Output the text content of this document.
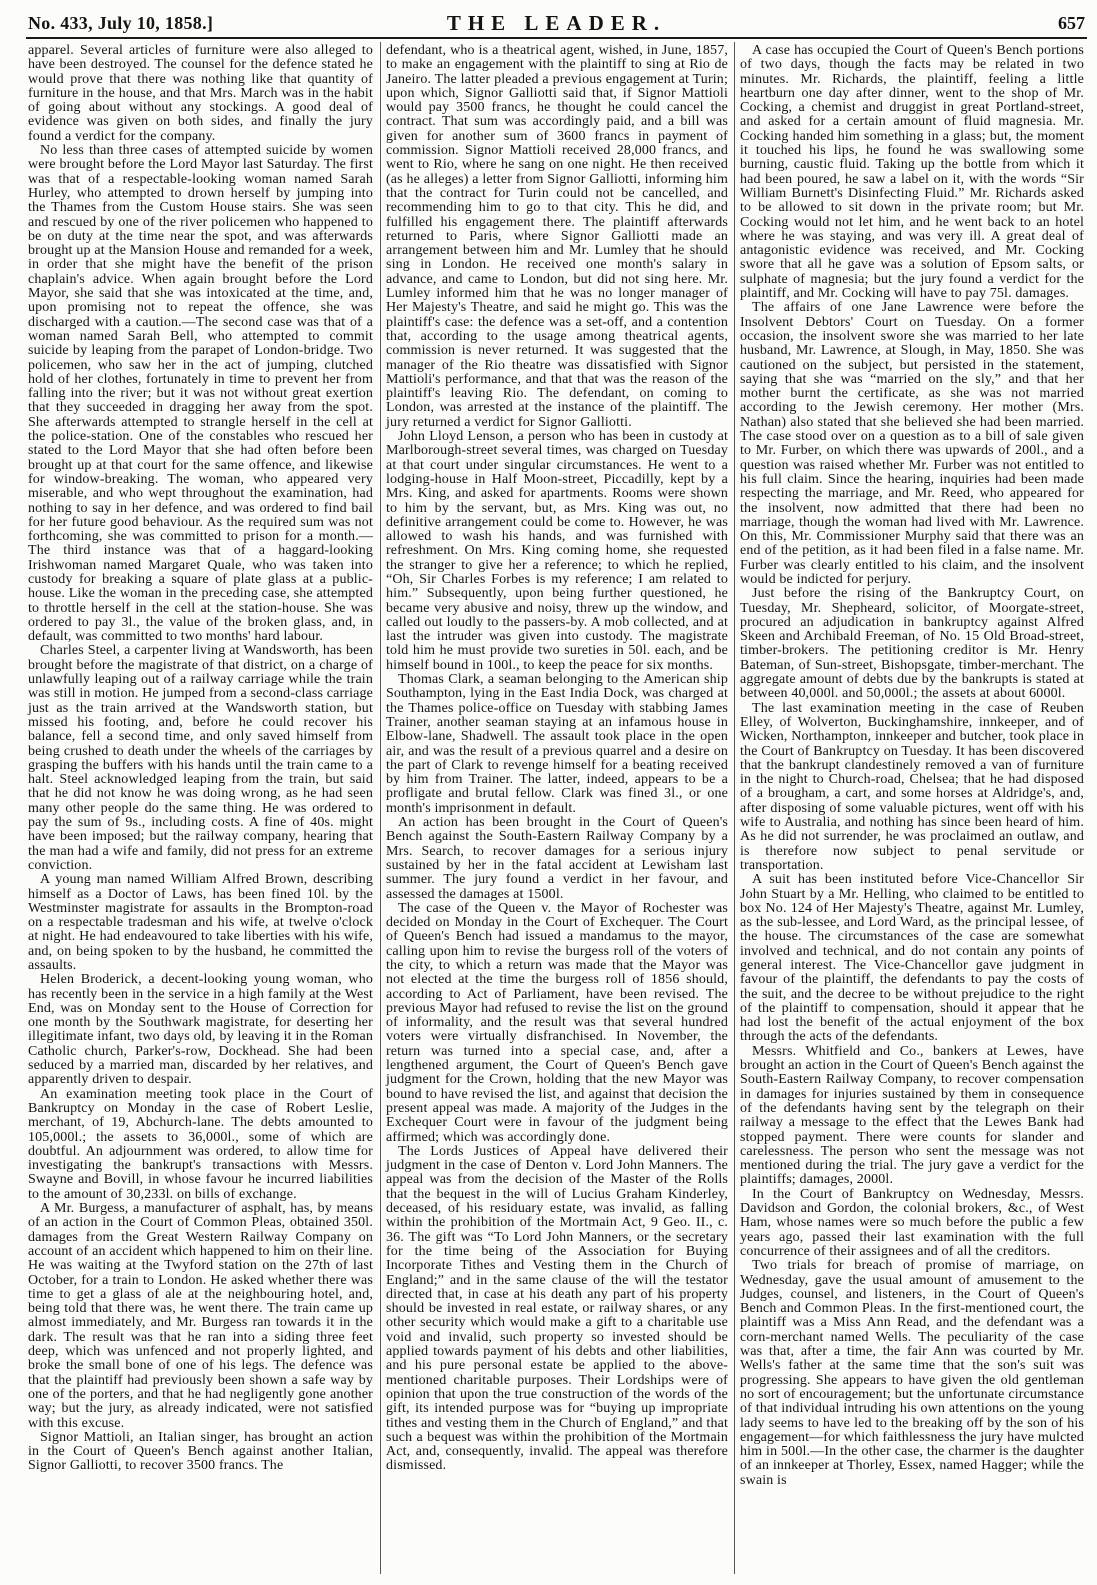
No. 433, July 10, 1858.]	THE LEADER.	657

apparel. Several articles of furniture were also alleged to have been destroyed. The counsel for the defence stated he would prove that there was nothing like that quantity of furniture in the house, and that Mrs. March was in the habit of going about without any stockings. A good deal of evidence was given on both sides, and finally the jury found a verdict for the company.

No less than three cases of attempted suicide by women were brought before the Lord Mayor last Saturday. The first was that of a respectable-looking woman named Sarah Hurley, who attempted to drown herself by jumping into the Thames from the Custom House stairs. She was seen and rescued by one of the river policemen who happened to be on duty at the time near the spot, and was afterwards brought up at the Mansion House and remanded for a week, in order that she might have the benefit of the prison chaplain's advice. When again brought before the Lord Mayor, she said that she was intoxicated at the time, and, upon promising not to repeat the offence, she was discharged with a caution.—The second case was that of a woman named Sarah Bell, who attempted to commit suicide by leaping from the parapet of London-bridge. Two policemen, who saw her in the act of jumping, clutched hold of her clothes, fortunately in time to prevent her from falling into the river; but it was not without great exertion that they succeeded in dragging her away from the spot. She afterwards attempted to strangle herself in the cell at the police-station. One of the constables who rescued her stated to the Lord Mayor that she had often before been brought up at that court for the same offence, and likewise for window-breaking. The woman, who appeared very miserable, and who wept throughout the examination, had nothing to say in her defence, and was ordered to find bail for her future good behaviour. As the required sum was not forthcoming, she was committed to prison for a month.—The third instance was that of a haggard-looking Irishwoman named Margaret Quale, who was taken into custody for breaking a square of plate glass at a public-house. Like the woman in the preceding case, she attempted to throttle herself in the cell at the station-house. She was ordered to pay 3l., the value of the broken glass, and, in default, was committed to two months' hard labour.

Charles Steel, a carpenter living at Wandsworth, has been brought before the magistrate of that district, on a charge of unlawfully leaping out of a railway carriage while the train was still in motion. He jumped from a second-class carriage just as the train arrived at the Wandsworth station, but missed his footing, and, before he could recover his balance, fell a second time, and only saved himself from being crushed to death under the wheels of the carriages by grasping the buffers with his hands until the train came to a halt. Steel acknowledged leaping from the train, but said that he did not know he was doing wrong, as he had seen many other people do the same thing. He was ordered to pay the sum of 9s., including costs. A fine of 40s. might have been imposed; but the railway company, hearing that the man had a wife and family, did not press for an extreme conviction.

A young man named William Alfred Brown, describing himself as a Doctor of Laws, has been fined 10l. by the Westminster magistrate for assaults in the Brompton-road on a respectable tradesman and his wife, at twelve o'clock at night. He had endeavoured to take liberties with his wife, and, on being spoken to by the husband, he committed the assaults.

Helen Broderick, a decent-looking young woman, who has recently been in the service in a high family at the West End, was on Monday sent to the House of Correction for one month by the Southwark magistrate, for deserting her illegitimate infant, two days old, by leaving it in the Roman Catholic church, Parker's-row, Dockhead. She had been seduced by a married man, discarded by her relatives, and apparently driven to despair.

An examination meeting took place in the Court of Bankruptcy on Monday in the case of Robert Leslie, merchant, of 19, Abchurch-lane. The debts amounted to 105,000l.; the assets to 36,000l., some of which are doubtful. An adjournment was ordered, to allow time for investigating the bankrupt's transactions with Messrs. Swayne and Bovill, in whose favour he incurred liabilities to the amount of 30,233l. on bills of exchange.

A Mr. Burgess, a manufacturer of asphalt, has, by means of an action in the Court of Common Pleas, obtained 350l. damages from the Great Western Railway Company on account of an accident which happened to him on their line. He was waiting at the Twyford station on the 27th of last October, for a train to London. He asked whether there was time to get a glass of ale at the neighbouring hotel, and, being told that there was, he went there. The train came up almost immediately, and Mr. Burgess ran towards it in the dark. The result was that he ran into a siding three feet deep, which was unfenced and not properly lighted, and broke the small bone of one of his legs. The defence was that the plaintiff had previously been shown a safe way by one of the porters, and that he had negligently gone another way; but the jury, as already indicated, were not satisfied with this excuse.

Signor Mattioli, an Italian singer, has brought an action in the Court of Queen's Bench against another Italian, Signor Galliotti, to recover 3500 francs. The

defendant, who is a theatrical agent, wished, in June, 1857, to make an engagement with the plaintiff to sing at Rio de Janeiro. The latter pleaded a previous engagement at Turin; upon which, Signor Galliotti said that, if Signor Mattioli would pay 3500 francs, he thought he could cancel the contract. That sum was accordingly paid, and a bill was given for another sum of 3600 francs in payment of commission. Signor Mattioli received 28,000 francs, and went to Rio, where he sang on one night. He then received (as he alleges) a letter from Signor Galliotti, informing him that the contract for Turin could not be cancelled, and recommending him to go to that city. This he did, and fulfilled his engagement there. The plaintiff afterwards returned to Paris, where Signor Galliotti made an arrangement between him and Mr. Lumley that he should sing in London. He received one month's salary in advance, and came to London, but did not sing here. Mr. Lumley informed him that he was no longer manager of Her Majesty's Theatre, and said he might go. This was the plaintiff's case: the defence was a set-off, and a contention that, according to the usage among theatrical agents, commission is never returned. It was suggested that the manager of the Rio theatre was dissatisfied with Signor Mattioli's performance, and that that was the reason of the plaintiff's leaving Rio. The defendant, on coming to London, was arrested at the instance of the plaintiff. The jury returned a verdict for Signor Galliotti.

John Lloyd Lenson, a person who has been in custody at Marlborough-street several times, was charged on Tuesday at that court under singular circumstances. He went to a lodging-house in Half Moon-street, Piccadilly, kept by a Mrs. King, and asked for apartments. Rooms were shown to him by the servant, but, as Mrs. King was out, no definitive arrangement could be come to. However, he was allowed to wash his hands, and was furnished with refreshment. On Mrs. King coming home, she requested the stranger to give her a reference; to which he replied, “Oh, Sir Charles Forbes is my reference; I am related to him.” Subsequently, upon being further questioned, he became very abusive and noisy, threw up the window, and called out loudly to the passers-by. A mob collected, and at last the intruder was given into custody. The magistrate told him he must provide two sureties in 50l. each, and be himself bound in 100l., to keep the peace for six months.

Thomas Clark, a seaman belonging to the American ship Southampton, lying in the East India Dock, was charged at the Thames police-office on Tuesday with stabbing James Trainer, another seaman staying at an infamous house in Elbow-lane, Shadwell. The assault took place in the open air, and was the result of a previous quarrel and a desire on the part of Clark to revenge himself for a beating received by him from Trainer. The latter, indeed, appears to be a profligate and brutal fellow. Clark was fined 3l., or one month's imprisonment in default.

An action has been brought in the Court of Queen's Bench against the South-Eastern Railway Company by a Mrs. Search, to recover damages for a serious injury sustained by her in the fatal accident at Lewisham last summer. The jury found a verdict in her favour, and assessed the damages at 1500l.

The case of the Queen v. the Mayor of Rochester was decided on Monday in the Court of Exchequer. The Court of Queen's Bench had issued a mandamus to the mayor, calling upon him to revise the burgess roll of the voters of the city, to which a return was made that the Mayor was not elected at the time the burgess roll of 1856 should, according to Act of Parliament, have been revised. The previous Mayor had refused to revise the list on the ground of informality, and the result was that several hundred voters were virtually disfranchised. In November, the return was turned into a special case, and, after a lengthened argument, the Court of Queen's Bench gave judgment for the Crown, holding that the new Mayor was bound to have revised the list, and against that decision the present appeal was made. A majority of the Judges in the Exchequer Court were in favour of the judgment being affirmed; which was accordingly done.

The Lords Justices of Appeal have delivered their judgment in the case of Denton v. Lord John Manners. The appeal was from the decision of the Master of the Rolls that the bequest in the will of Lucius Graham Kinderley, deceased, of his residuary estate, was invalid, as falling within the prohibition of the Mortmain Act, 9 Geo. II., c. 36. The gift was “To Lord John Manners, or the secretary for the time being of the Association for Buying Incorporate Tithes and Vesting them in the Church of England;” and in the same clause of the will the testator directed that, in case at his death any part of his property should be invested in real estate, or railway shares, or any other security which would make a gift to a charitable use void and invalid, such property so invested should be applied towards payment of his debts and other liabilities, and his pure personal estate be applied to the above-mentioned charitable purposes. Their Lordships were of opinion that upon the true construction of the words of the gift, its intended purpose was for “buying up impropriate tithes and vesting them in the Church of England,” and that such a bequest was within the prohibition of the Mortmain Act, and, consequently, invalid. The appeal was therefore dismissed.

A case has occupied the Court of Queen's Bench portions of two days, though the facts may be related in two minutes. Mr. Richards, the plaintiff, feeling a little heartburn one day after dinner, went to the shop of Mr. Cocking, a chemist and druggist in great Portland-street, and asked for a certain amount of fluid magnesia. Mr. Cocking handed him something in a glass; but, the moment it touched his lips, he found he was swallowing some burning, caustic fluid. Taking up the bottle from which it had been poured, he saw a label on it, with the words “Sir William Burnett's Disinfecting Fluid.” Mr. Richards asked to be allowed to sit down in the private room; but Mr. Cocking would not let him, and he went back to an hotel where he was staying, and was very ill. A great deal of antagonistic evidence was received, and Mr. Cocking swore that all he gave was a solution of Epsom salts, or sulphate of magnesia; but the jury found a verdict for the plaintiff, and Mr. Cocking will have to pay 75l. damages.

The affairs of one Jane Lawrence were before the Insolvent Debtors' Court on Tuesday. On a former occasion, the insolvent swore she was married to her late husband, Mr. Lawrence, at Slough, in May, 1850. She was cautioned on the subject, but persisted in the statement, saying that she was “married on the sly,” and that her mother burnt the certificate, as she was not married according to the Jewish ceremony. Her mother (Mrs. Nathan) also stated that she believed she had been married. The case stood over on a question as to a bill of sale given to Mr. Furber, on which there was upwards of 200l., and a question was raised whether Mr. Furber was not entitled to his full claim. Since the hearing, inquiries had been made respecting the marriage, and Mr. Reed, who appeared for the insolvent, now admitted that there had been no marriage, though the woman had lived with Mr. Lawrence. On this, Mr. Commissioner Murphy said that there was an end of the petition, as it had been filed in a false name. Mr. Furber was clearly entitled to his claim, and the insolvent would be indicted for perjury.

Just before the rising of the Bankruptcy Court, on Tuesday, Mr. Shepheard, solicitor, of Moorgate-street, procured an adjudication in bankruptcy against Alfred Skeen and Archibald Freeman, of No. 15 Old Broad-street, timber-brokers. The petitioning creditor is Mr. Henry Bateman, of Sun-street, Bishopsgate, timber-merchant. The aggregate amount of debts due by the bankrupts is stated at between 40,000l. and 50,000l.; the assets at about 6000l.

The last examination meeting in the case of Reuben Elley, of Wolverton, Buckinghamshire, innkeeper, and of Wicken, Northampton, innkeeper and butcher, took place in the Court of Bankruptcy on Tuesday. It has been discovered that the bankrupt clandestinely removed a van of furniture in the night to Church-road, Chelsea; that he had disposed of a brougham, a cart, and some horses at Aldridge's, and, after disposing of some valuable pictures, went off with his wife to Australia, and nothing has since been heard of him. As he did not surrender, he was proclaimed an outlaw, and is therefore now subject to penal servitude or transportation.

A suit has been instituted before Vice-Chancellor Sir John Stuart by a Mr. Helling, who claimed to be entitled to box No. 124 of Her Majesty's Theatre, against Mr. Lumley, as the sub-lessee, and Lord Ward, as the principal lessee, of the house. The circumstances of the case are somewhat involved and technical, and do not contain any points of general interest. The Vice-Chancellor gave judgment in favour of the plaintiff, the defendants to pay the costs of the suit, and the decree to be without prejudice to the right of the plaintiff to compensation, should it appear that he had lost the benefit of the actual enjoyment of the box through the acts of the defendants.

Messrs. Whitfield and Co., bankers at Lewes, have brought an action in the Court of Queen's Bench against the South-Eastern Railway Company, to recover compensation in damages for injuries sustained by them in consequence of the defendants having sent by the telegraph on their railway a message to the effect that the Lewes Bank had stopped payment. There were counts for slander and carelessness. The person who sent the message was not mentioned during the trial. The jury gave a verdict for the plaintiffs; damages, 2000l.

In the Court of Bankruptcy on Wednesday, Messrs. Davidson and Gordon, the colonial brokers, &c., of West Ham, whose names were so much before the public a few years ago, passed their last examination with the full concurrence of their assignees and of all the creditors.

Two trials for breach of promise of marriage, on Wednesday, gave the usual amount of amusement to the Judges, counsel, and listeners, in the Court of Queen's Bench and Common Pleas. In the first-mentioned court, the plaintiff was a Miss Ann Read, and the defendant was a corn-merchant named Wells. The peculiarity of the case was that, after a time, the fair Ann was courted by Mr. Wells's father at the same time that the son's suit was progressing. She appears to have given the old gentleman no sort of encouragement; but the unfortunate circumstance of that individual intruding his own attentions on the young lady seems to have led to the breaking off by the son of his engagement—for which faithlessness the jury have mulcted him in 500l.—In the other case, the charmer is the daughter of an innkeeper at Thorley, Essex, named Hagger; while the swain is
